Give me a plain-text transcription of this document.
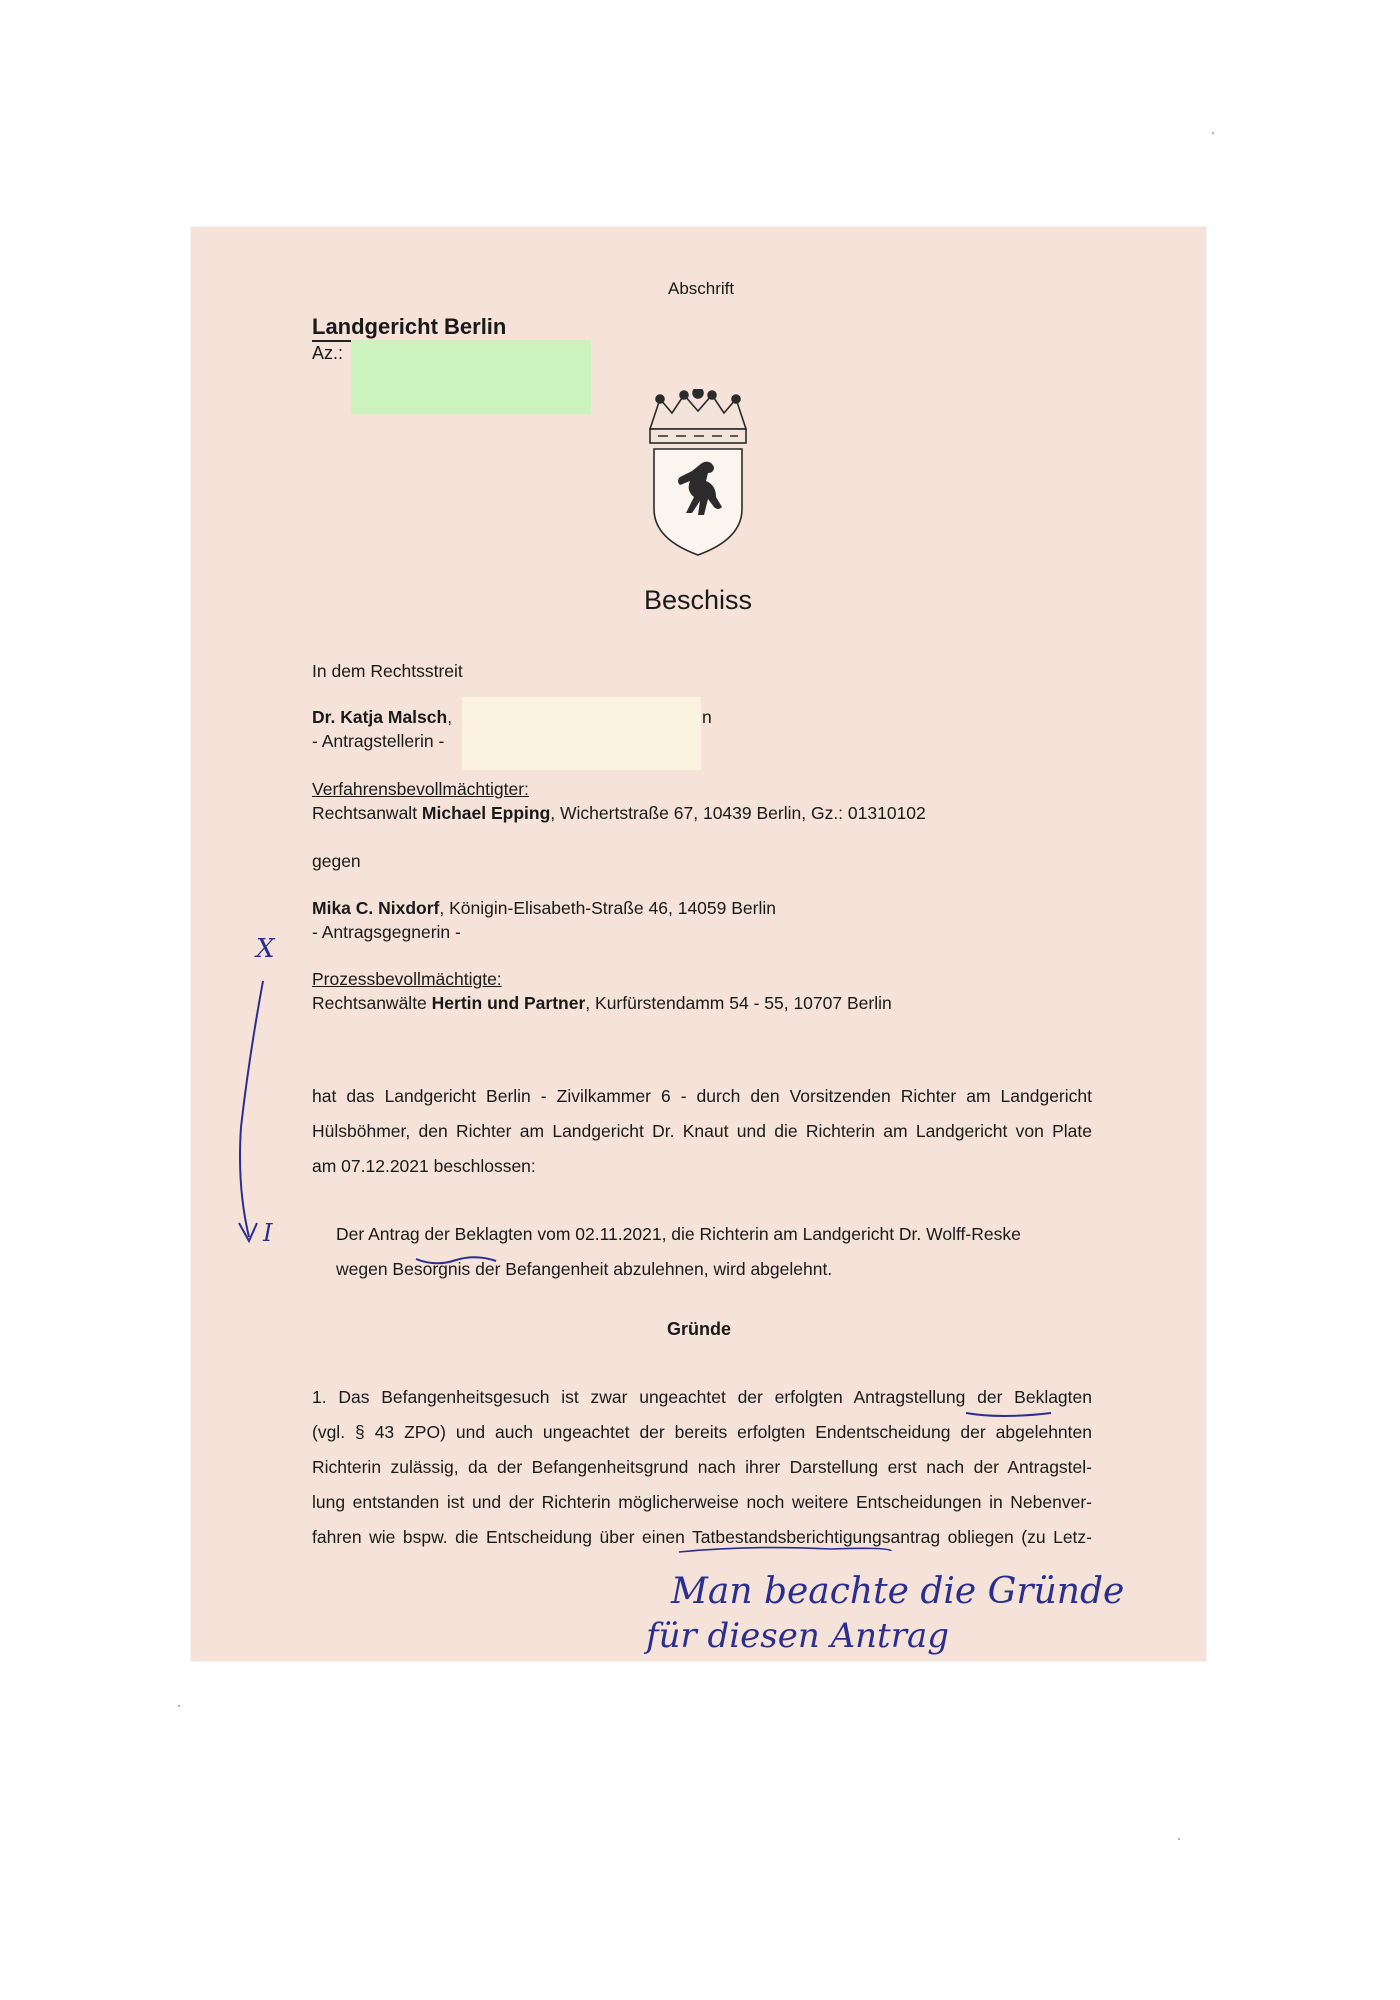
Abschrift
Landgericht Berlin
Az.:
Beschiss
In dem Rechtsstreit
Dr. Katja Malsch,
- Antragstellerin -
n
Verfahrensbevollmächtigter:
Rechtsanwalt Michael Epping, Wichertstraße 67, 10439 Berlin, Gz.: 01310102
gegen
Mika C. Nixdorf, Königin-Elisabeth-Straße 46, 14059 Berlin
- Antragsgegnerin -
Prozessbevollmächtigte:
Rechtsanwälte Hertin und Partner, Kurfürstendamm 54 - 55, 10707 Berlin
hat das Landgericht Berlin - Zivilkammer 6 - durch den Vorsitzenden Richter am Landgericht
Hülsböhmer, den Richter am Landgericht Dr. Knaut und die Richterin am Landgericht von Plate
am 07.12.2021 beschlossen:
Der Antrag der Beklagten vom 02.11.2021, die Richterin am Landgericht Dr. Wolff-Reske
wegen Besorgnis der Befangenheit abzulehnen, wird abgelehnt.
Gründe
1. Das Befangenheitsgesuch ist zwar ungeachtet der erfolgten Antragstellung der Beklagten
(vgl. § 43 ZPO) und auch ungeachtet der bereits erfolgten Endentscheidung der abgelehnten
Richterin zulässig, da der Befangenheitsgrund nach ihrer Darstellung erst nach der Antragstel-
lung entstanden ist und der Richterin möglicherweise noch weitere Entscheidungen in Nebenver-
fahren wie bspw. die Entscheidung über einen Tatbestandsberichtigungsantrag obliegen (zu Letz-
X
I
Man beachte die Gründe
für diesen Antrag
